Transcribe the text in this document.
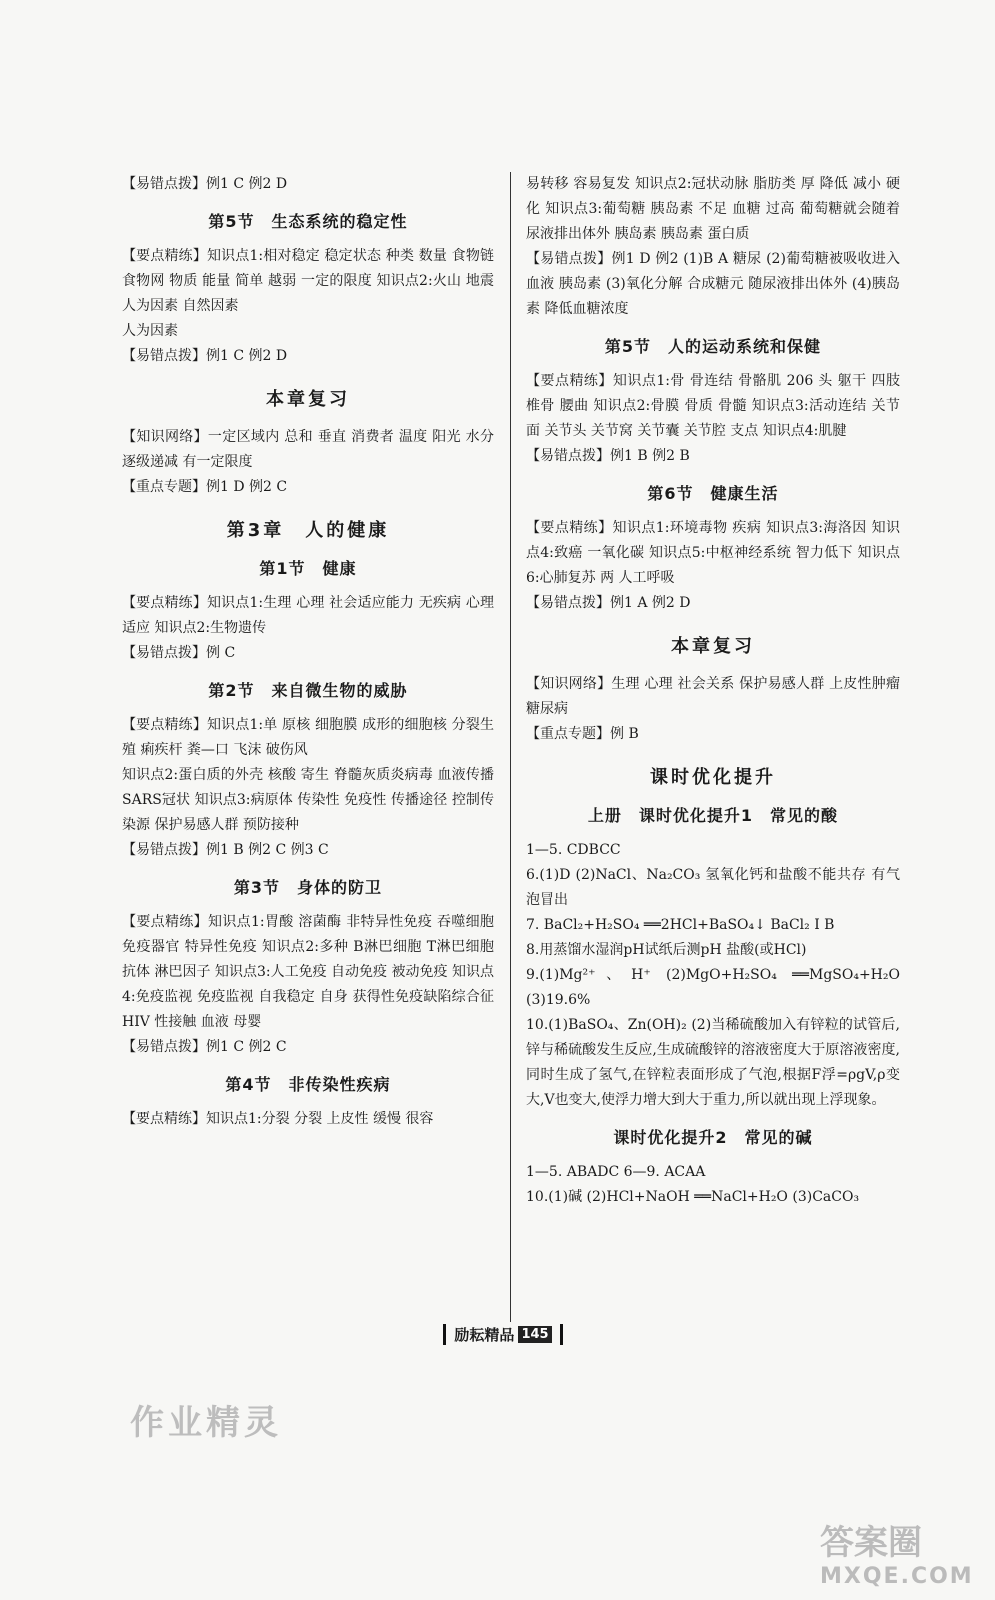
【易错点拨】例1 C 例2 D
第5节　生态系统的稳定性
【要点精练】知识点1:相对稳定 稳定状态 种类 数量 食物链 食物网 物质 能量 简单 越弱 一定的限度 知识点2:火山 地震 人为因素 自然因素
人为因素
【易错点拨】例1 C 例2 D
本章复习
【知识网络】一定区域内 总和 垂直 消费者 温度 阳光 水分 逐级递减 有一定限度
【重点专题】例1 D 例2 C
第3章　人的健康
第1节　健康
【要点精练】知识点1:生理 心理 社会适应能力 无疾病 心理 适应 知识点2:生物遗传
【易错点拨】例 C
第2节　来自微生物的威胁
【要点精练】知识点1:单 原核 细胞膜 成形的细胞核 分裂生殖 痢疾杆 粪—口 飞沫 破伤风
知识点2:蛋白质的外壳 核酸 寄生 脊髓灰质炎病毒 血液传播 SARS冠状 知识点3:病原体 传染性 免疫性 传播途径 控制传染源 保护易感人群 预防接种
【易错点拨】例1 B 例2 C 例3 C
第3节　身体的防卫
【要点精练】知识点1:胃酸 溶菌酶 非特异性免疫 吞噬细胞 免疫器官 特异性免疫 知识点2:多种 B淋巴细胞 T淋巴细胞 抗体 淋巴因子 知识点3:人工免疫 自动免疫 被动免疫 知识点4:免疫监视 免疫监视 自我稳定 自身 获得性免疫缺陷综合征 HIV 性接触 血液 母婴
【易错点拨】例1 C 例2 C
第4节　非传染性疾病
【要点精练】知识点1:分裂 分裂 上皮性 缓慢 很容
易转移 容易复发 知识点2:冠状动脉 脂肪类 厚 降低 减小 硬化 知识点3:葡萄糖 胰岛素 不足 血糖 过高 葡萄糖就会随着尿液排出体外 胰岛素 胰岛素 蛋白质
【易错点拨】例1 D 例2 (1)B A 糖尿 (2)葡萄糖被吸收进入血液 胰岛素 (3)氧化分解 合成糖元 随尿液排出体外 (4)胰岛素 降低血糖浓度
第5节　人的运动系统和保健
【要点精练】知识点1:骨 骨连结 骨骼肌 206 头 躯干 四肢 椎骨 腰曲 知识点2:骨膜 骨质 骨髓 知识点3:活动连结 关节面 关节头 关节窝 关节囊 关节腔 支点 知识点4:肌腱
【易错点拨】例1 B 例2 B
第6节　健康生活
【要点精练】知识点1:环境毒物 疾病 知识点3:海洛因 知识点4:致癌 一氧化碳 知识点5:中枢神经系统 智力低下 知识点6:心肺复苏 两 人工呼吸
【易错点拨】例1 A 例2 D
本章复习
【知识网络】生理 心理 社会关系 保护易感人群 上皮性肿瘤 糖尿病
【重点专题】例 B
课时优化提升
上册　课时优化提升1　常见的酸
1—5. CDBCC
6.(1)D (2)NaCl、Na₂CO₃ 氢氧化钙和盐酸不能共存 有气泡冒出
7. BaCl₂+H₂SO₄ ══2HCl+BaSO₄↓ BaCl₂ Ⅰ B
8.用蒸馏水湿润pH试纸后测pH 盐酸(或HCl)
9.(1)Mg²⁺、H⁺ (2)MgO+H₂SO₄ ══MgSO₄+H₂O (3)19.6%
10.(1)BaSO₄、Zn(OH)₂ (2)当稀硫酸加入有锌粒的试管后,锌与稀硫酸发生反应,生成硫酸锌的溶液密度大于原溶液密度,同时生成了氢气,在锌粒表面形成了气泡,根据F浮=ρgV,ρ变大,V也变大,使浮力增大到大于重力,所以就出现上浮现象。
课时优化提升2　常见的碱
1—5. ABADC 6—9. ACAA
10.(1)碱 (2)HCl+NaOH ══NaCl+H₂O (3)CaCO₃
励耘精品 145
作业精灵
答案圈
MXQE.COM
